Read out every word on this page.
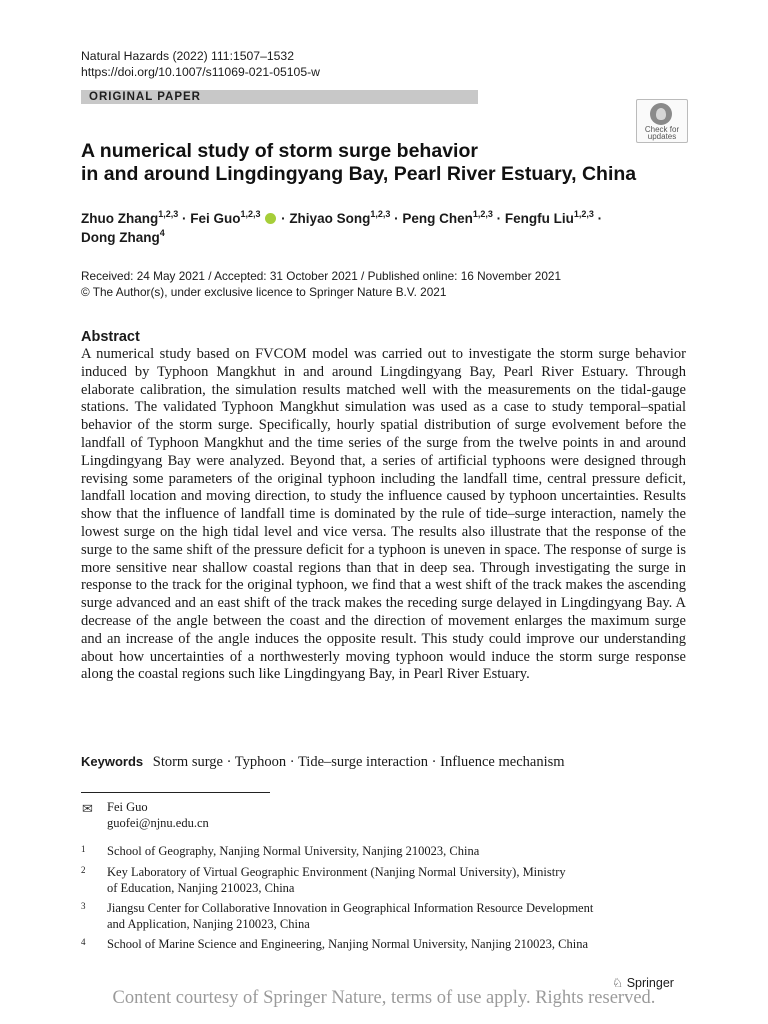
Natural Hazards (2022) 111:1507–1532
https://doi.org/10.1007/s11069-021-05105-w
ORIGINAL PAPER
Check for
updates
A numerical study of storm surge behavior
in and around Lingdingyang Bay, Pearl River Estuary, China
Zhuo Zhang$^{1,2,3}$ · Fei Guo$^{1,2,3}$  · Zhiyao Song$^{1,2,3}$ · Peng Chen$^{1,2,3}$ · Fengfu Liu$^{1,2,3}$ ·
Dong Zhang$^4$
Received: 24 May 2021 / Accepted: 31 October 2021 / Published online: 16 November 2021
© The Author(s), under exclusive licence to Springer Nature B.V. 2021
Abstract
A numerical study based on FVCOM model was carried out to investigate the storm surge behavior induced by Typhoon Mangkhut in and around Lingdingyang Bay, Pearl River Estuary. Through elaborate calibration, the simulation results matched well with the measurements on the tidal-gauge stations. The validated Typhoon Mangkhut simulation was used as a case to study temporal–spatial behavior of the storm surge. Specifically, hourly spatial distribution of surge evolvement before the landfall of Typhoon Mangkhut and the time series of the surge from the twelve points in and around Lingdingyang Bay were analyzed. Beyond that, a series of artificial typhoons were designed through revising some parameters of the original typhoon including the landfall time, central pressure deficit, landfall location and moving direction, to study the influence caused by typhoon uncertainties. Results show that the influence of landfall time is dominated by the rule of tide–surge interaction, namely the lowest surge on the high tidal level and vice versa. The results also illustrate that the response of the surge to the same shift of the pressure deficit for a typhoon is uneven in space. The response of surge is more sensitive near shallow coastal regions than that in deep sea. Through investigating the surge in response to the track for the original typhoon, we find that a west shift of the track makes the ascending surge advanced and an east shift of the track makes the receding surge delayed in Lingdingyang Bay. A decrease of the angle between the coast and the direction of movement enlarges the maximum surge and an increase of the angle induces the opposite result. This study could improve our understanding about how uncertainties of a northwesterly moving typhoon would induce the storm surge response along the coastal regions such like Lingdingyang Bay, in Pearl River Estuary.
Keywords Storm surge · Typhoon · Tide–surge interaction · Influence mechanism
✉ Fei Guo
guofei@njnu.edu.cn
1 School of Geography, Nanjing Normal University, Nanjing 210023, China
2 Key Laboratory of Virtual Geographic Environment (Nanjing Normal University), Ministry
of Education, Nanjing 210023, China
3 Jiangsu Center for Collaborative Innovation in Geographical Information Resource Development
and Application, Nanjing 210023, China
4 School of Marine Science and Engineering, Nanjing Normal University, Nanjing 210023, China
♘ Springer
Content courtesy of Springer Nature, terms of use apply. Rights reserved.
